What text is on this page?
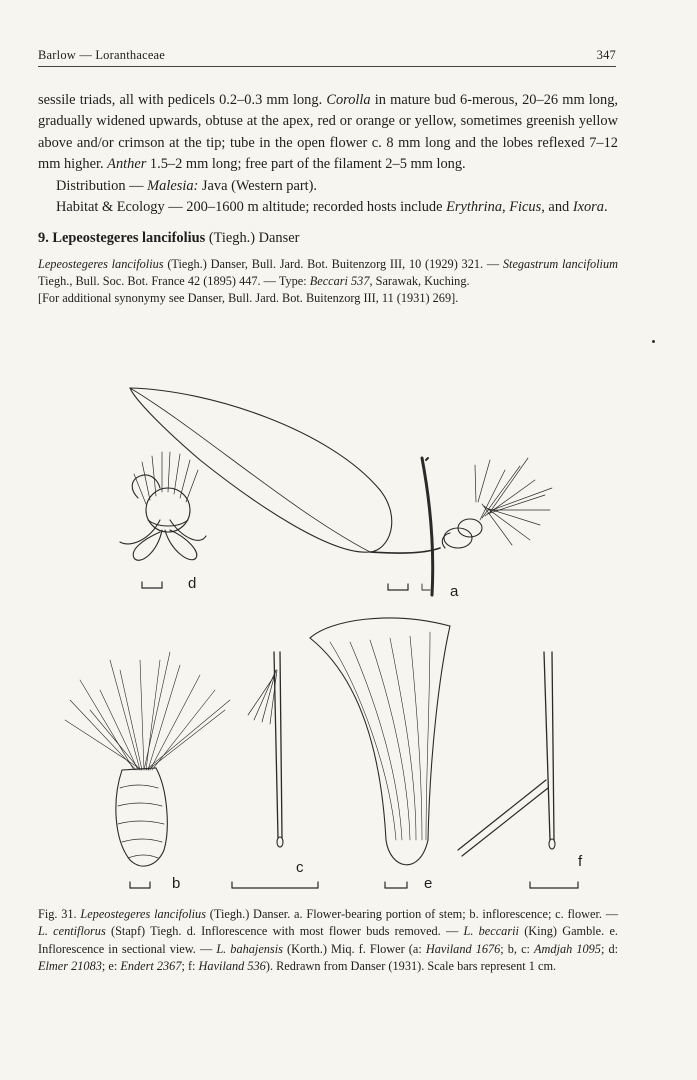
Barlow — Loranthaceae	347

sessile triads, all with pedicels 0.2–0.3 mm long. Corolla in mature bud 6-merous, 20–26 mm long, gradually widened upwards, obtuse at the apex, red or orange or yellow, sometimes greenish yellow above and/or crimson at the tip; tube in the open flower c. 8 mm long and the lobes reflexed 7–12 mm higher. Anther 1.5–2 mm long; free part of the filament 2–5 mm long.

Distribution — Malesia: Java (Western part).

Habitat & Ecology — 200–1600 m altitude; recorded hosts include Erythrina, Ficus, and Ixora.

9. Lepeostegeres lancifolius (Tiegh.) Danser

Lepeostegeres lancifolius (Tiegh.) Danser, Bull. Jard. Bot. Buitenzorg III, 10 (1929) 321. — Stegastrum lancifolium Tiegh., Bull. Soc. Bot. France 42 (1895) 447. — Type: Beccari 537, Sarawak, Kuching.
[For additional synonymy see Danser, Bull. Jard. Bot. Buitenzorg III, 11 (1931) 269].

a
d
b
c
e
f
Fig. 31. Lepeostegeres lancifolius (Tiegh.) Danser. a. Flower-bearing portion of stem; b. inflorescence; c. flower. — L. centiflorus (Stapf) Tiegh. d. Inflorescence with most flower buds removed. — L. beccarii (King) Gamble. e. Inflorescence in sectional view. — L. bahajensis (Korth.) Miq. f. Flower (a: Haviland 1676; b, c: Amdjah 1095; d: Elmer 21083; e: Endert 2367; f: Haviland 536). Redrawn from Danser (1931). Scale bars represent 1 cm.
